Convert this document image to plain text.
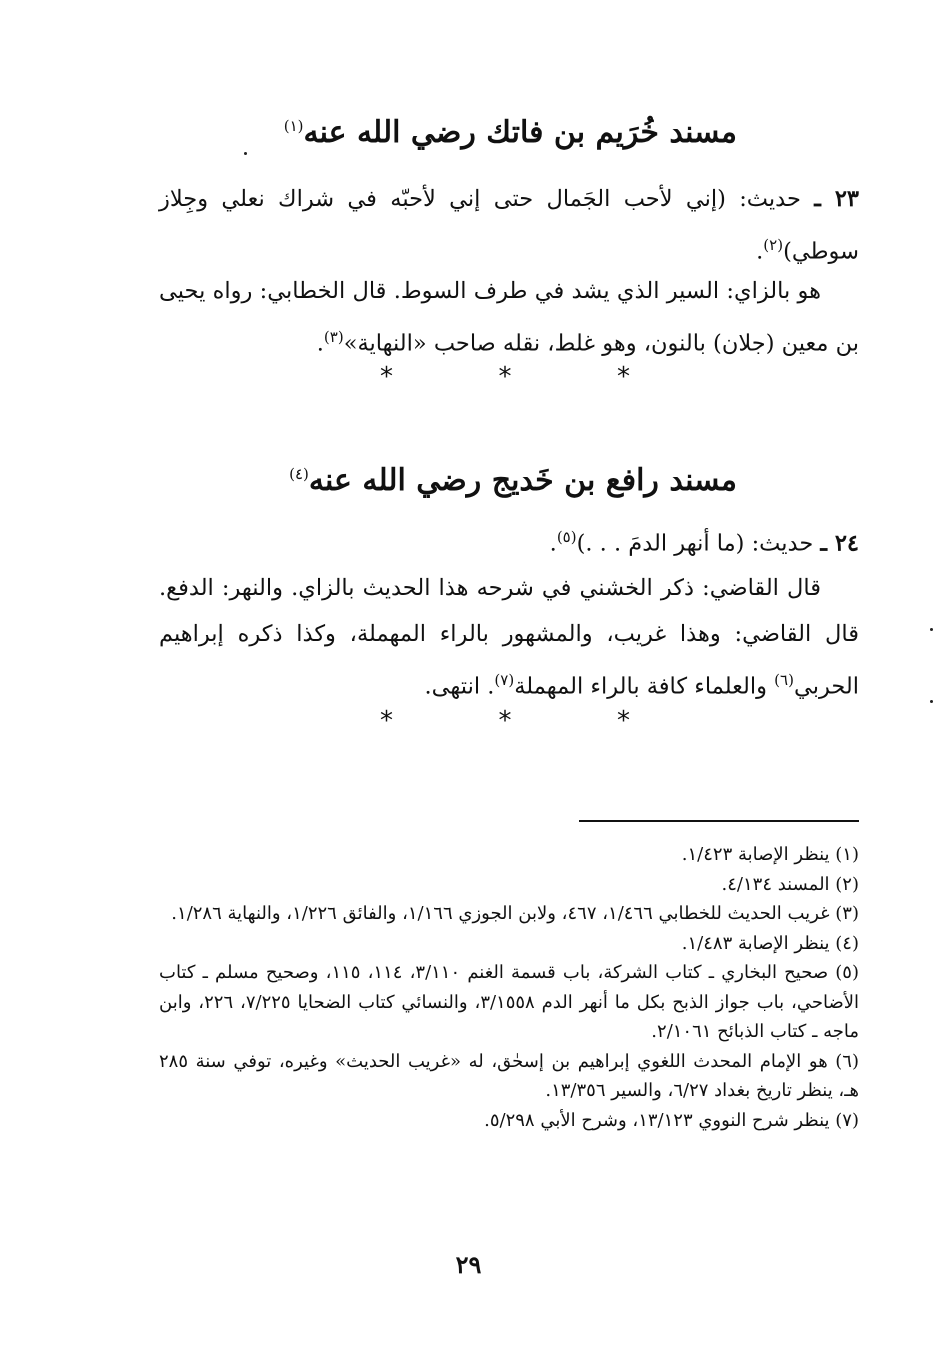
مسند خُرَيم بن فاتك رضي الله عنه$^{(١)}$
٢٣ ـ حديث: (إني لأحب الجَمال حتى إني لأحبّه في شراك نعلي وجِلاز سوطي)$^{(٢)}$.
هو بالزاي: السير الذي يشد في طرف السوط. قال الخطابي: رواه يحيى بن معين (جلان) بالنون، وهو غلط، نقله صاحب «النهاية»$^{(٣)}$.
*	*	*
مسند رافع بن خَديج رضي الله عنه$^{(٤)}$
٢٤ ـ حديث: (ما أنهر الدمَ . . .)$^{(٥)}$.
قال القاضي: ذكر الخشني في شرحه هذا الحديث بالزاي. والنهر: الدفع. قال القاضي: وهذا غريب، والمشهور بالراء المهملة، وكذا ذكره إبراهيم الحربي$^{(٦)}$ والعلماء كافة بالراء المهملة$^{(٧)}$. انتهى.
*	*	*

(١) ينظر الإصابة ١/٤٢٣.

(٢) المسند ٤/١٣٤.

(٣) غريب الحديث للخطابي ١/٤٦٦، ٤٦٧، ولابن الجوزي ١/١٦٦، والفائق ١/٢٢٦، والنهاية ١/٢٨٦.

(٤) ينظر الإصابة ١/٤٨٣.

(٥) صحيح البخاري ـ كتاب الشركة، باب قسمة الغنم ٣/١١٠، ١١٤، ١١٥، وصحيح مسلم ـ كتاب الأضاحي، باب جواز الذبح بكل ما أنهر الدم ٣/١٥٥٨، والنسائي كتاب الضحايا ٧/٢٢٥، ٢٢٦، وابن ماجه ـ كتاب الذبائح ٢/١٠٦١.

(٦) هو الإمام المحدث اللغوي إبراهيم بن إسحٰق، له «غريب الحديث» وغيره، توفي سنة ٢٨٥ هـ، ينظر تاريخ بغداد ٦/٢٧، والسير ١٣/٣٥٦.

(٧) ينظر شرح النووي ١٣/١٢٣، وشرح الأبي ٥/٢٩٨.

٢٩
